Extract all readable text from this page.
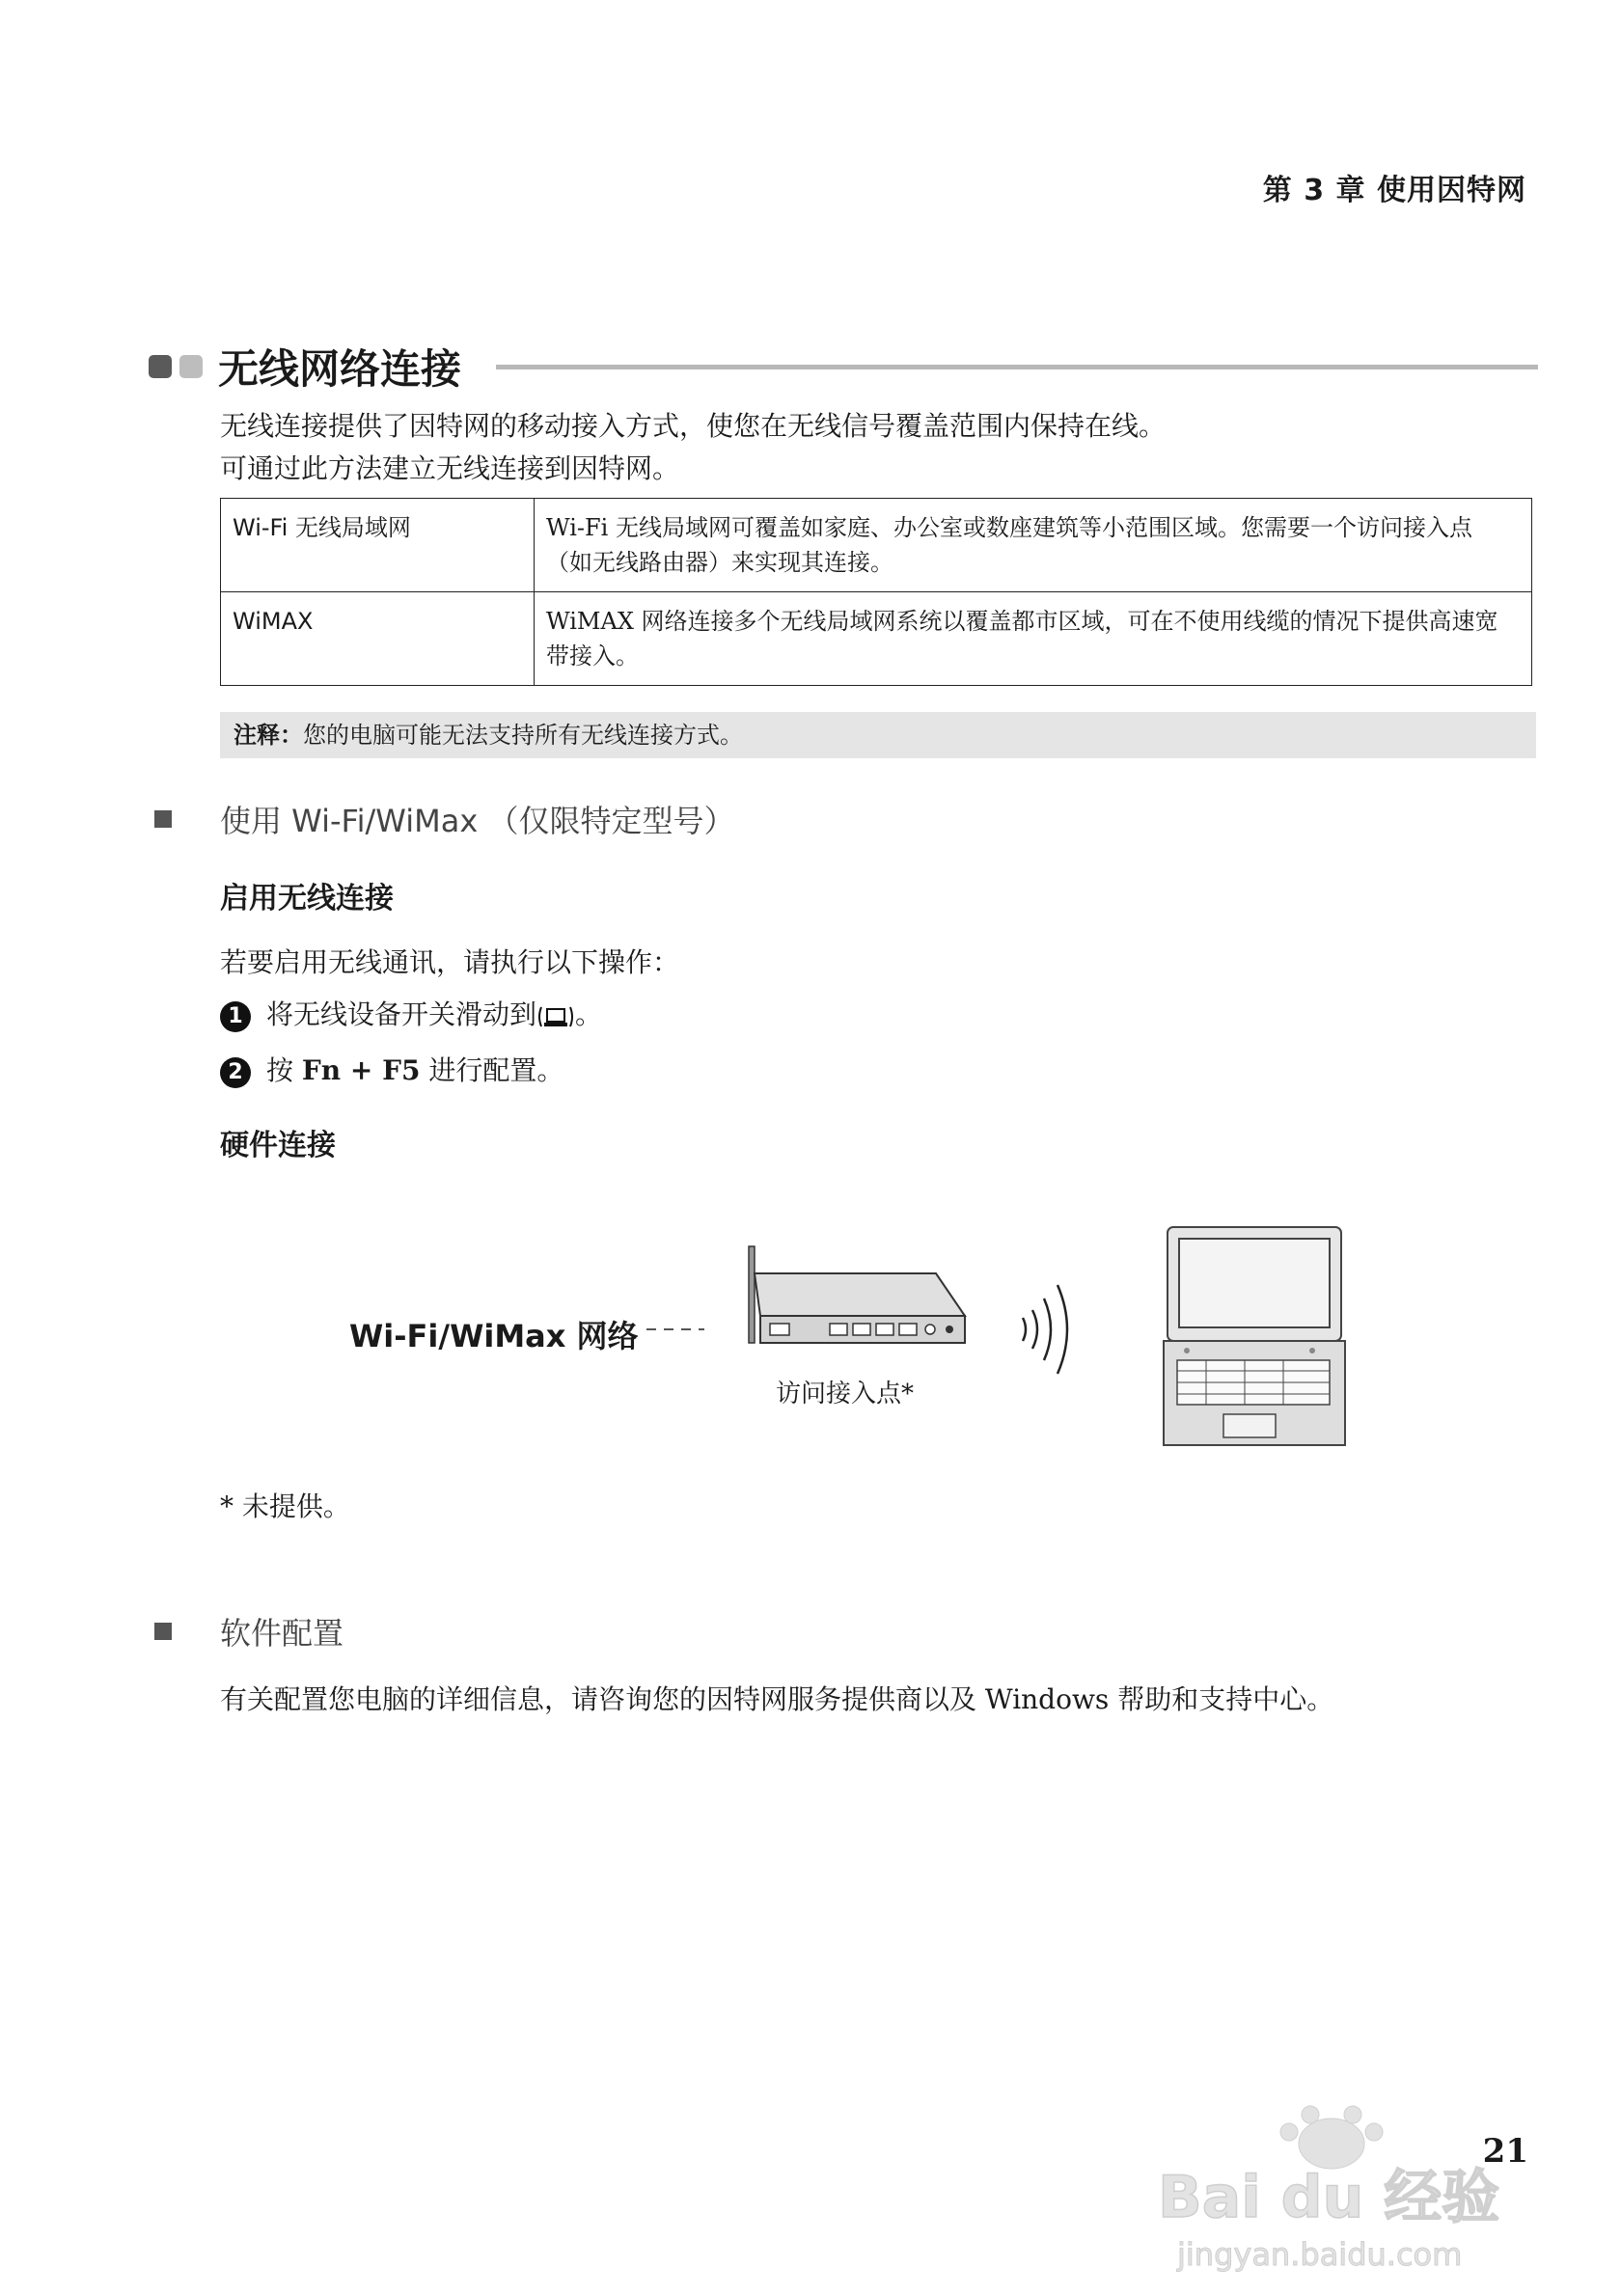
第 3 章 使用因特网
无线网络连接
无线连接提供了因特网的移动接入方式，使您在无线信号覆盖范围内保持在线。
可通过此方法建立无线连接到因特网。
Wi-Fi 无线局域网	Wi-Fi 无线局域网可覆盖如家庭、办公室或数座建筑等小范围区域。您需要一个访问接入点 （如无线路由器）来实现其连接。
WiMAX	WiMAX 网络连接多个无线局域网系统以覆盖都市区域，可在不使用线缆的情况下提供高速宽带接入。
注释：您的电脑可能无法支持所有无线连接方式。
使用 Wi-Fi/WiMax （仅限特定型号）
启用无线连接
若要启用无线通讯，请执行以下操作：
1 将无线设备开关滑动到 。
2 按 Fn + F5 进行配置。
硬件连接
Wi-Fi/WiMax 网络
访问接入点*
* 未提供。
软件配置
有关配置您电脑的详细信息，请咨询您的因特网服务提供商以及 Windows 帮助和支持中心。
Bai du 经验
jingyan.baidu.com
21
